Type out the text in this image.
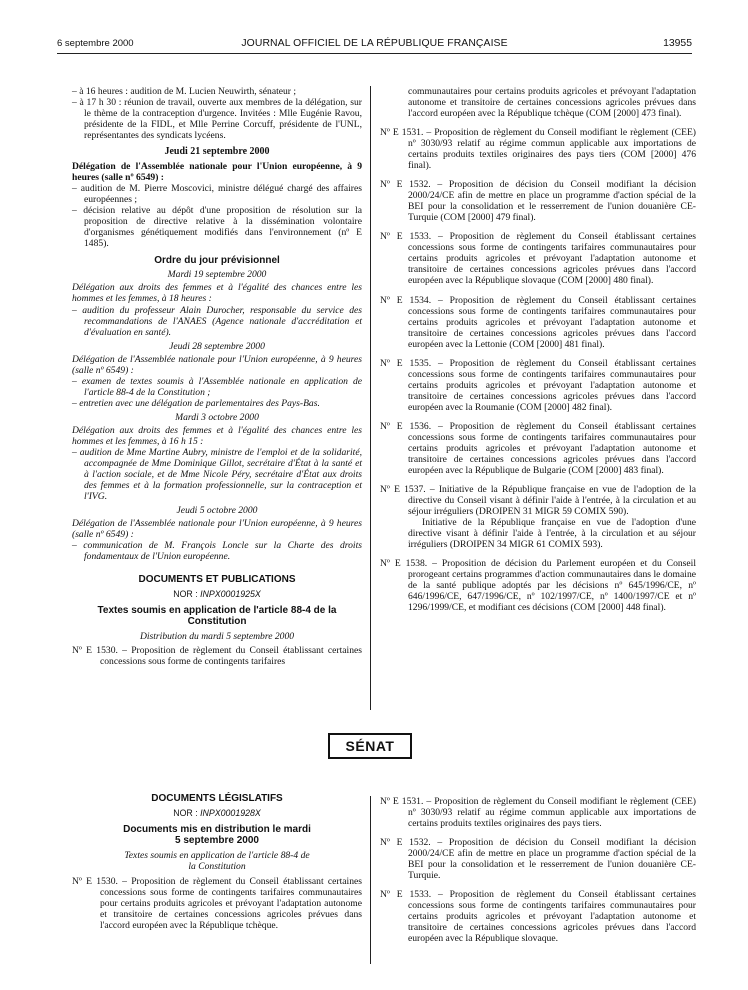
6 septembre 2000	JOURNAL OFFICIEL DE LA RÉPUBLIQUE FRANÇAISE	13955

– à 16 heures : audition de M. Lucien Neuwirth, sénateur ;

– à 17 h 30 : réunion de travail, ouverte aux membres de la délégation, sur le thème de la contraception d'urgence. Invitées : Mlle Eugénie Ravou, présidente de la FIDL, et Mlle Perrine Corcuff, présidente de l'UNL, représentantes des syndicats lycéens.

Jeudi 21 septembre 2000

Délégation de l'Assemblée nationale pour l'Union européenne, à 9 heures (salle nº 6549) :

– audition de M. Pierre Moscovici, ministre délégué chargé des affaires européennes ;

– décision relative au dépôt d'une proposition de résolution sur la proposition de directive relative à la dissémination volontaire d'organismes génétiquement modifiés dans l'environnement (nº E 1485).

Ordre du jour prévisionnel

Mardi 19 septembre 2000

Délégation aux droits des femmes et à l'égalité des chances entre les hommes et les femmes, à 18 heures :

– audition du professeur Alain Durocher, responsable du service des recommandations de l'ANAES (Agence nationale d'accréditation et d'évaluation en santé).

Jeudi 28 septembre 2000

Délégation de l'Assemblée nationale pour l'Union européenne, à 9 heures (salle nº 6549) :

– examen de textes soumis à l'Assemblée nationale en application de l'article 88-4 de la Constitution ;

– entretien avec une délégation de parlementaires des Pays-Bas.

Mardi 3 octobre 2000

Délégation aux droits des femmes et à l'égalité des chances entre les hommes et les femmes, à 16 h 15 :

– audition de Mme Martine Aubry, ministre de l'emploi et de la solidarité, accompagnée de Mme Dominique Gillot, secrétaire d'État à la santé et à l'action sociale, et de Mme Nicole Péry, secrétaire d'État aux droits des femmes et à la formation professionnelle, sur la contraception et l'IVG.

Jeudi 5 octobre 2000

Délégation de l'Assemblée nationale pour l'Union européenne, à 9 heures (salle nº 6549) :

– communication de M. François Loncle sur la Charte des droits fondamentaux de l'Union européenne.

DOCUMENTS ET PUBLICATIONS

NOR : INPX0001925X

Textes soumis en application de l'article 88-4 de la Constitution

Distribution du mardi 5 septembre 2000

Nº E 1530. – Proposition de règlement du Conseil établissant certaines concessions sous forme de contingents tarifaires

communautaires pour certains produits agricoles et prévoyant l'adaptation autonome et transitoire de certaines concessions agricoles prévues dans l'accord européen avec la République tchèque (COM [2000] 473 final).

Nº E 1531. – Proposition de règlement du Conseil modifiant le règlement (CEE) nº 3030/93 relatif au régime commun applicable aux importations de certains produits textiles originaires des pays tiers (COM [2000] 476 final).

Nº E 1532. – Proposition de décision du Conseil modifiant la décision 2000/24/CE afin de mettre en place un programme d'action spécial de la BEI pour la consolidation et le resserrement de l'union douanière CE-Turquie (COM [2000] 479 final).

Nº E 1533. – Proposition de règlement du Conseil établissant certaines concessions sous forme de contingents tarifaires communautaires pour certains produits agricoles et prévoyant l'adaptation autonome et transitoire de certaines concessions agricoles prévues dans l'accord européen avec la République slovaque (COM [2000] 480 final).

Nº E 1534. – Proposition de règlement du Conseil établissant certaines concessions sous forme de contingents tarifaires communautaires pour certains produits agricoles et prévoyant l'adaptation autonome et transitoire de certaines concessions agricoles prévues dans l'accord européen avec la Lettonie (COM [2000] 481 final).

Nº E 1535. – Proposition de règlement du Conseil établissant certaines concessions sous forme de contingents tarifaires communautaires pour certains produits agricoles et prévoyant l'adaptation autonome et transitoire de certaines concessions agricoles prévues dans l'accord européen avec la Roumanie (COM [2000] 482 final).

Nº E 1536. – Proposition de règlement du Conseil établissant certaines concessions sous forme de contingents tarifaires communautaires pour certains produits agricoles et prévoyant l'adaptation autonome et transitoire de certaines concessions agricoles prévues dans l'accord européen avec la République de Bulgarie (COM [2000] 483 final).

Nº E 1537. – Initiative de la République française en vue de l'adoption de la directive du Conseil visant à définir l'aide à l'entrée, à la circulation et au séjour irréguliers (DROIPEN 31 MIGR 59 COMIX 590).

Initiative de la République française en vue de l'adoption d'une directive visant à définir l'aide à l'entrée, à la circulation et au séjour irréguliers (DROIPEN 34 MIGR 61 COMIX 593).

Nº E 1538. – Proposition de décision du Parlement européen et du Conseil prorogeant certains programmes d'action communautaires dans le domaine de la santé publique adoptés par les décisions nº 645/1996/CE, nº 646/1996/CE, 647/1996/CE, nº 102/1997/CE, nº 1400/1997/CE et nº 1296/1999/CE, et modifiant ces décisions (COM [2000] 448 final).

SÉNAT

DOCUMENTS LÉGISLATIFS

NOR : INPX0001928X

Documents mis en distribution le mardi 5 septembre 2000

Textes soumis en application de l'article 88-4 de la Constitution

Nº E 1530. – Proposition de règlement du Conseil établissant certaines concessions sous forme de contingents tarifaires communautaires pour certains produits agricoles et prévoyant l'adaptation autonome et transitoire de certaines concessions agricoles prévues dans l'accord européen avec la République tchèque.

Nº E 1531. – Proposition de règlement du Conseil modifiant le règlement (CEE) nº 3030/93 relatif au régime commun applicable aux importations de certains produits textiles originaires des pays tiers.

Nº E 1532. – Proposition de décision du Conseil modifiant la décision 2000/24/CE afin de mettre en place un programme d'action spécial de la BEI pour la consolidation et le resserrement de l'union douanière CE-Turquie.

Nº E 1533. – Proposition de règlement du Conseil établissant certaines concessions sous forme de contingents tarifaires communautaires pour certains produits agricoles et prévoyant l'adaptation autonome et transitoire de certaines concessions agricoles prévues dans l'accord européen avec la République slovaque.
